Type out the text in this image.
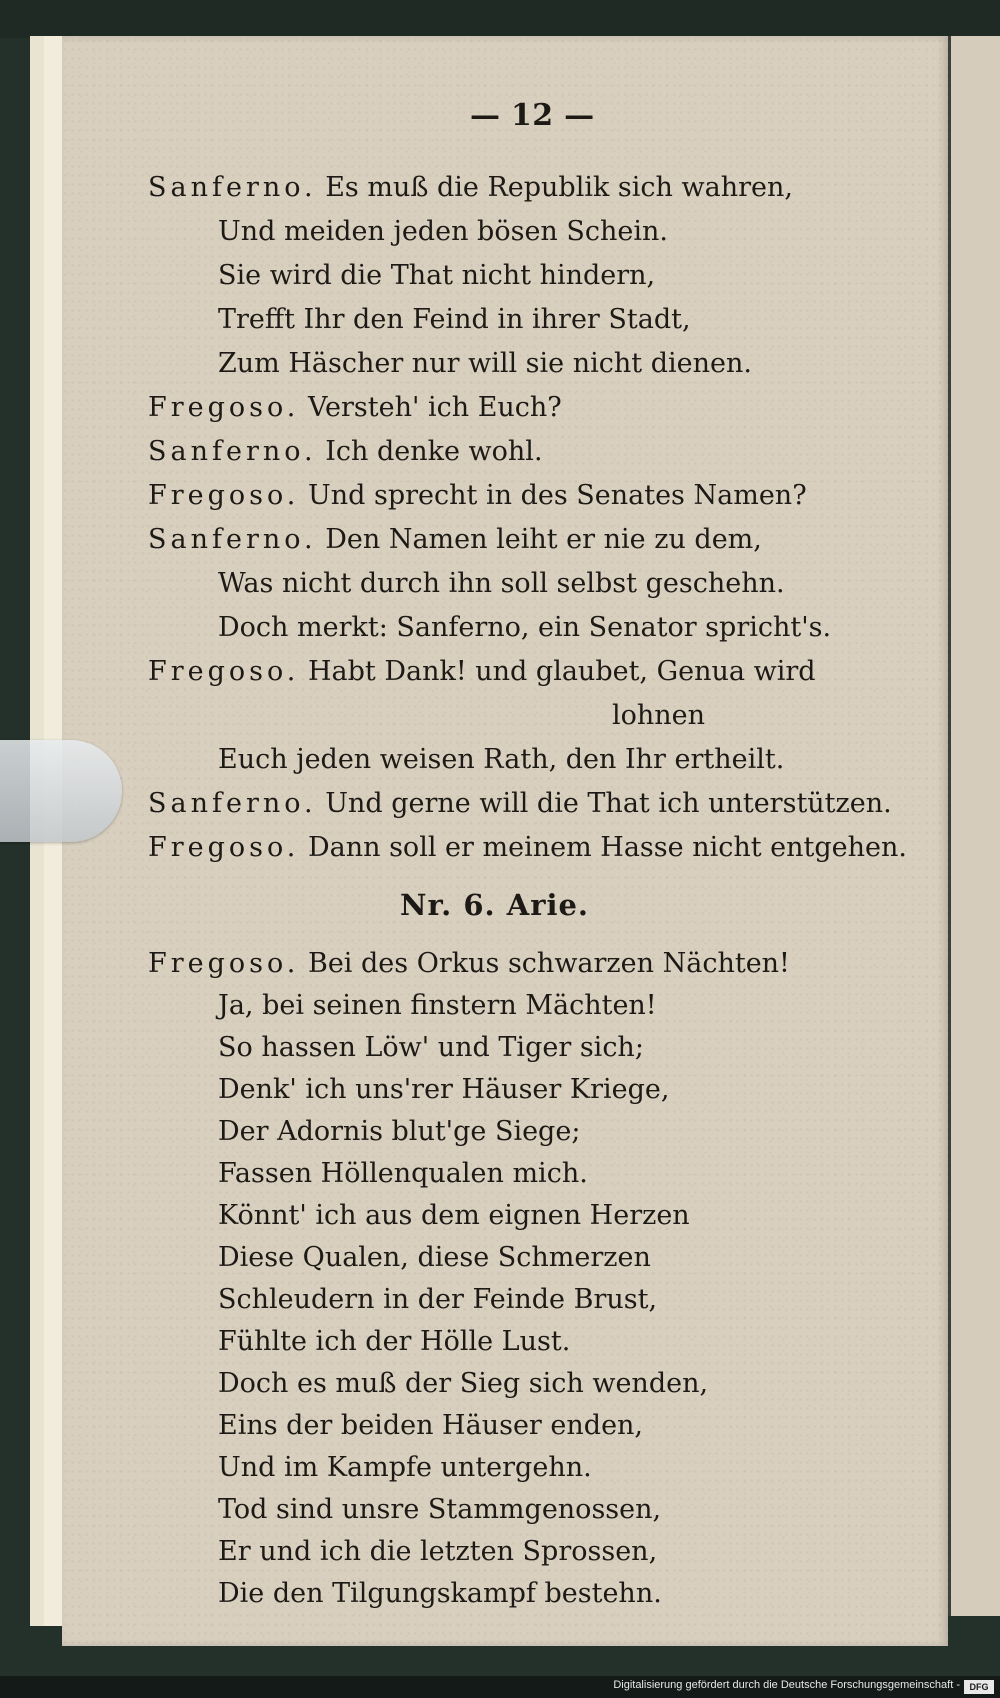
— 12 —
Sanferno. Es muß die Republik sich wahren,
Und meiden jeden bösen Schein.
Sie wird die That nicht hindern,
Trefft Ihr den Feind in ihrer Stadt,
Zum Häscher nur will sie nicht dienen.
Fregoso. Versteh' ich Euch?
Sanferno. Ich denke wohl.
Fregoso. Und sprecht in des Senates Namen?
Sanferno. Den Namen leiht er nie zu dem,
Was nicht durch ihn soll selbst geschehn.
Doch merkt: Sanferno, ein Senator spricht's.
Fregoso. Habt Dank! und glaubet, Genua wird
lohnen
Euch jeden weisen Rath, den Ihr ertheilt.
Nr. 6. Arie.
Fregoso. Bei des Orkus schwarzen Nächten!
Ja, bei seinen finstern Mächten!
So hassen Löw' und Tiger sich;
Denk' ich uns'rer Häuser Kriege,
Der Adornis blut'ge Siege;
Fassen Höllenqualen mich.
Könnt' ich aus dem eignen Herzen
Diese Qualen, diese Schmerzen
Schleudern in der Feinde Brust,
Fühlte ich der Hölle Lust.
Doch es muß der Sieg sich wenden,
Eins der beiden Häuser enden,
Und im Kampfe untergehn.
Tod sind unsre Stammgenossen,
Er und ich die letzten Sprossen,
Die den Tilgungskampf bestehn.
Digitalisierung gefördert durch die Deutsche Forschungsgemeinschaft -	DFG
Sanferno. Und gerne will die That ich unterstützen.
Fregoso. Dann soll er meinem Hasse nicht entgehen.
